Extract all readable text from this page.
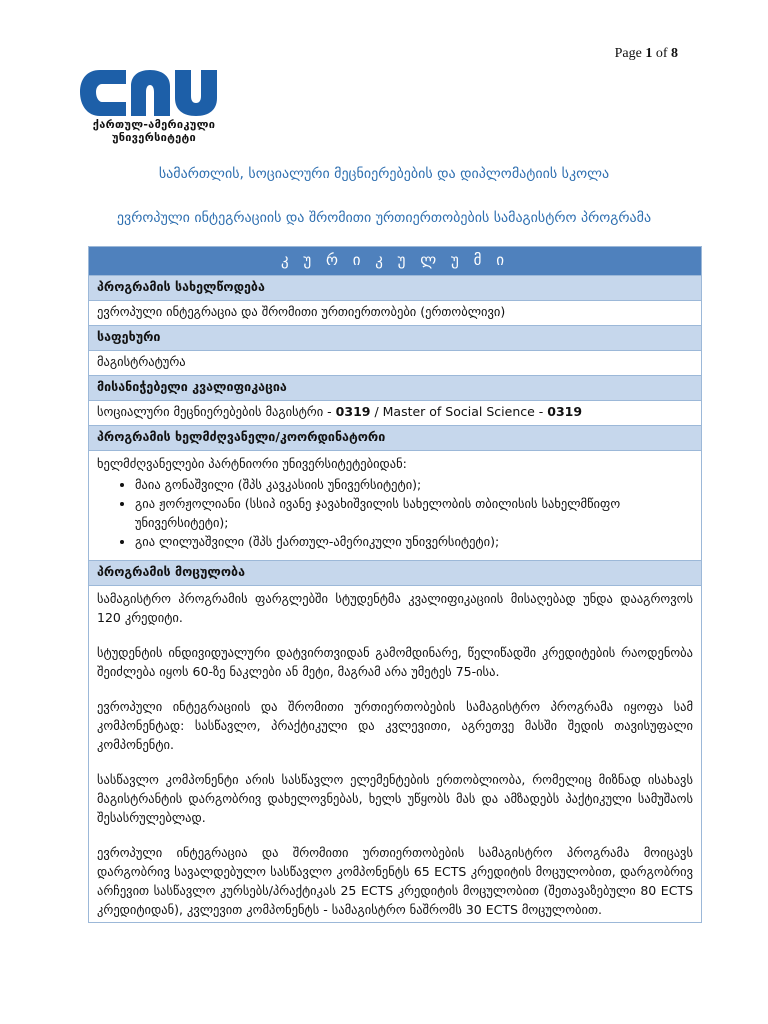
Page 1 of 8
ქართულ-ამერიკული
უნივერსიტეტი
სამართლის, სოციალური მეცნიერებების და დიპლომატიის სკოლა
ევროპული ინტეგრაციის და შრომითი ურთიერთობების სამაგისტრო პროგრამა
კ უ რ ი კ უ ლ უ მ ი
პროგრამის სახელწოდება
ევროპული ინტეგრაცია და შრომითი ურთიერთობები (ერთობლივი)
საფეხური
მაგისტრატურა
მისანიჭებელი კვალიფიკაცია
სოციალური მეცნიერებების მაგისტრი - 0319 / Master of Social Science - 0319
პროგრამის ხელმძღვანელი/კოორდინატორი

ხელმძღვანელები პარტნიორი უნივერსიტეტებიდან:
• მაია გონაშვილი (შპს კავკასიის უნივერსიტეტი);
• გია ჟორჟოლიანი (სსიპ ივანე ჯავახიშვილის სახელობის თბილისის სახელმწიფო უნივერსიტეტი);
• გია ლილუაშვილი (შპს ქართულ-ამერიკული უნივერსიტეტი);

პროგრამის მოცულობა

სამაგისტრო პროგრამის ფარგლებში სტუდენტმა კვალიფიკაციის მისაღებად უნდა დააგროვოს 120 კრედიტი.

სტუდენტის ინდივიდუალური დატვირთვიდან გამომდინარე, წელიწადში კრედიტების რაოდენობა შეიძლება იყოს 60-ზე ნაკლები ან მეტი, მაგრამ არა უმეტეს 75-ისა.

ევროპული ინტეგრაციის და შრომითი ურთიერთობების სამაგისტრო პროგრამა იყოფა სამ კომპონენტად: სასწავლო, პრაქტიკული და კვლევითი, აგრეთვე მასში შედის თავისუფალი კომპონენტი.

სასწავლო კომპონენტი არის სასწავლო ელემენტების ერთობლიობა, რომელიც მიზნად ისახავს მაგისტრანტის დარგობრივ დახელოვნებას, ხელს უწყობს მას და ამზადებს პაქტიკული სამუშაოს შესასრულებლად.

ევროპული ინტეგრაცია და შრომითი ურთიერთობების სამაგისტრო პროგრამა მოიცავს დარგობრივ სავალდებულო სასწავლო კომპონენტს 65 ECTS კრედიტის მოცულობით, დარგობრივ არჩევით სასწავლო კურსებს/პრაქტიკას 25 ECTS კრედიტის მოცულობით (შეთავაზებული 80 ECTS კრედიტიდან), კვლევით კომპონენტს - სამაგისტრო ნაშრომს 30 ECTS მოცულობით.
